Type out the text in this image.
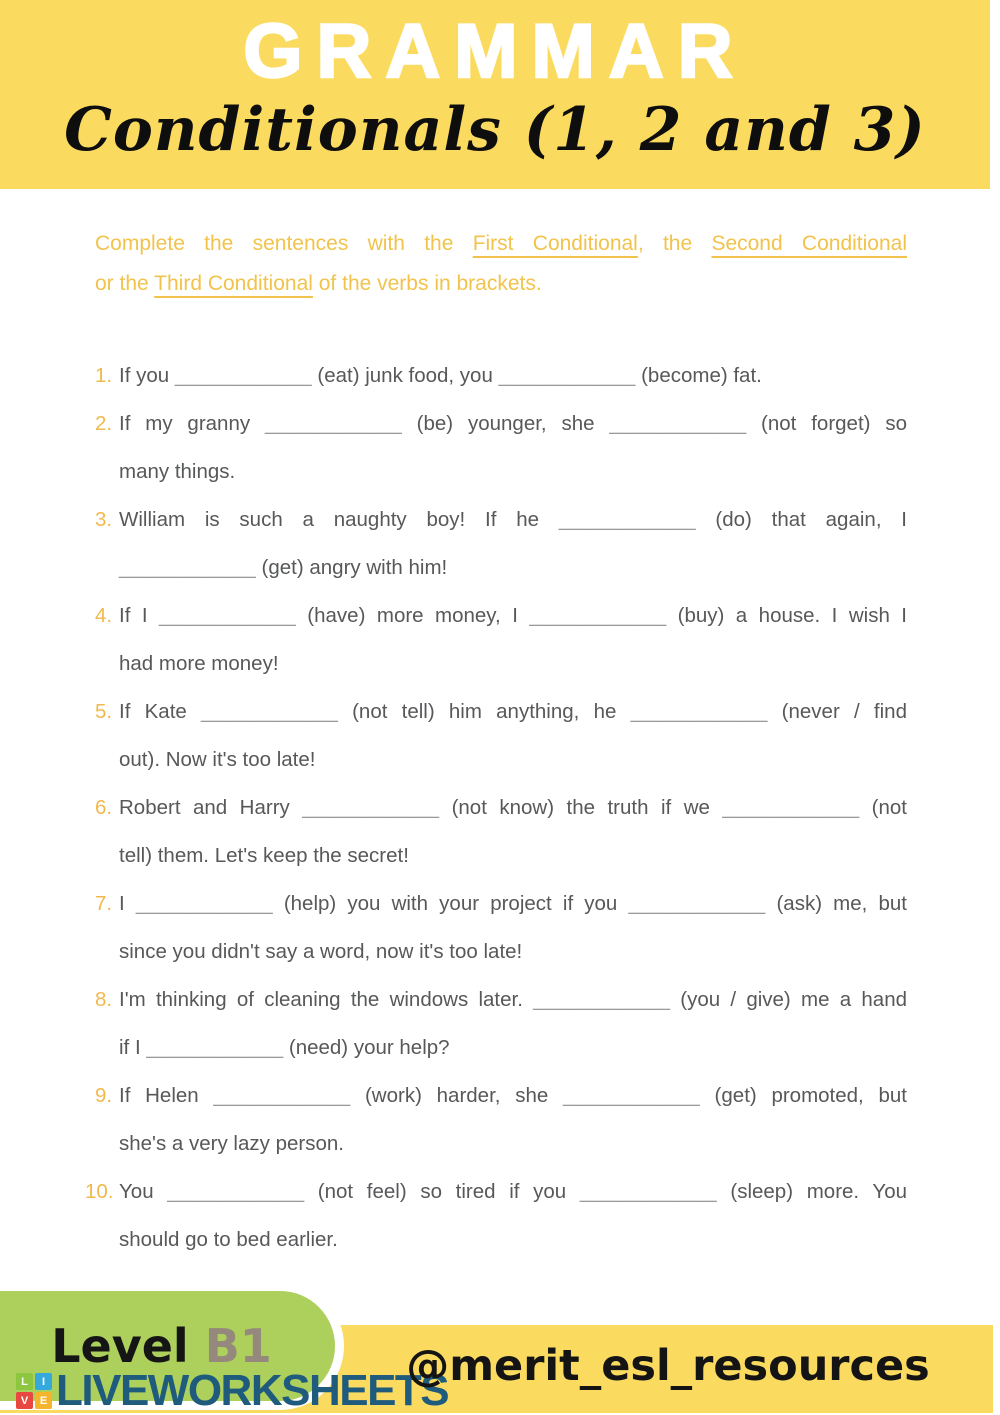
GRAMMAR
Conditionals (1, 2 and 3)
Complete the sentences with the First Conditional, the Second Conditional
or the Third Conditional of the verbs in brackets.
1. If you ____________ (eat) junk food, you ____________ (become) fat.
2. If my granny ____________ (be) younger, she ____________ (not forget) so
many things.
3. William is such a naughty boy! If he ____________ (do) that again, I
____________ (get) angry with him!
4. If I ____________ (have) more money, I ____________ (buy) a house. I wish I
had more money!
5. If Kate ____________ (not tell) him anything, he ____________ (never / find
out). Now it's too late!
6. Robert and Harry ____________ (not know) the truth if we ____________ (not
tell) them. Let's keep the secret!
7. I ____________ (help) you with your project if you ____________ (ask) me, but
since you didn't say a word, now it's too late!
8. I'm thinking of cleaning the windows later. ____________ (you / give) me a hand
if I ____________ (need) your help?
9. If Helen ____________ (work) harder, she ____________ (get) promoted, but
she's a very lazy person.
10. You ____________ (not feel) so tired if you ____________ (sleep) more. You
should go to bed earlier.
Level B1
L	I
V	E LIVEWORKSHEETS
@merit_esl_resources
